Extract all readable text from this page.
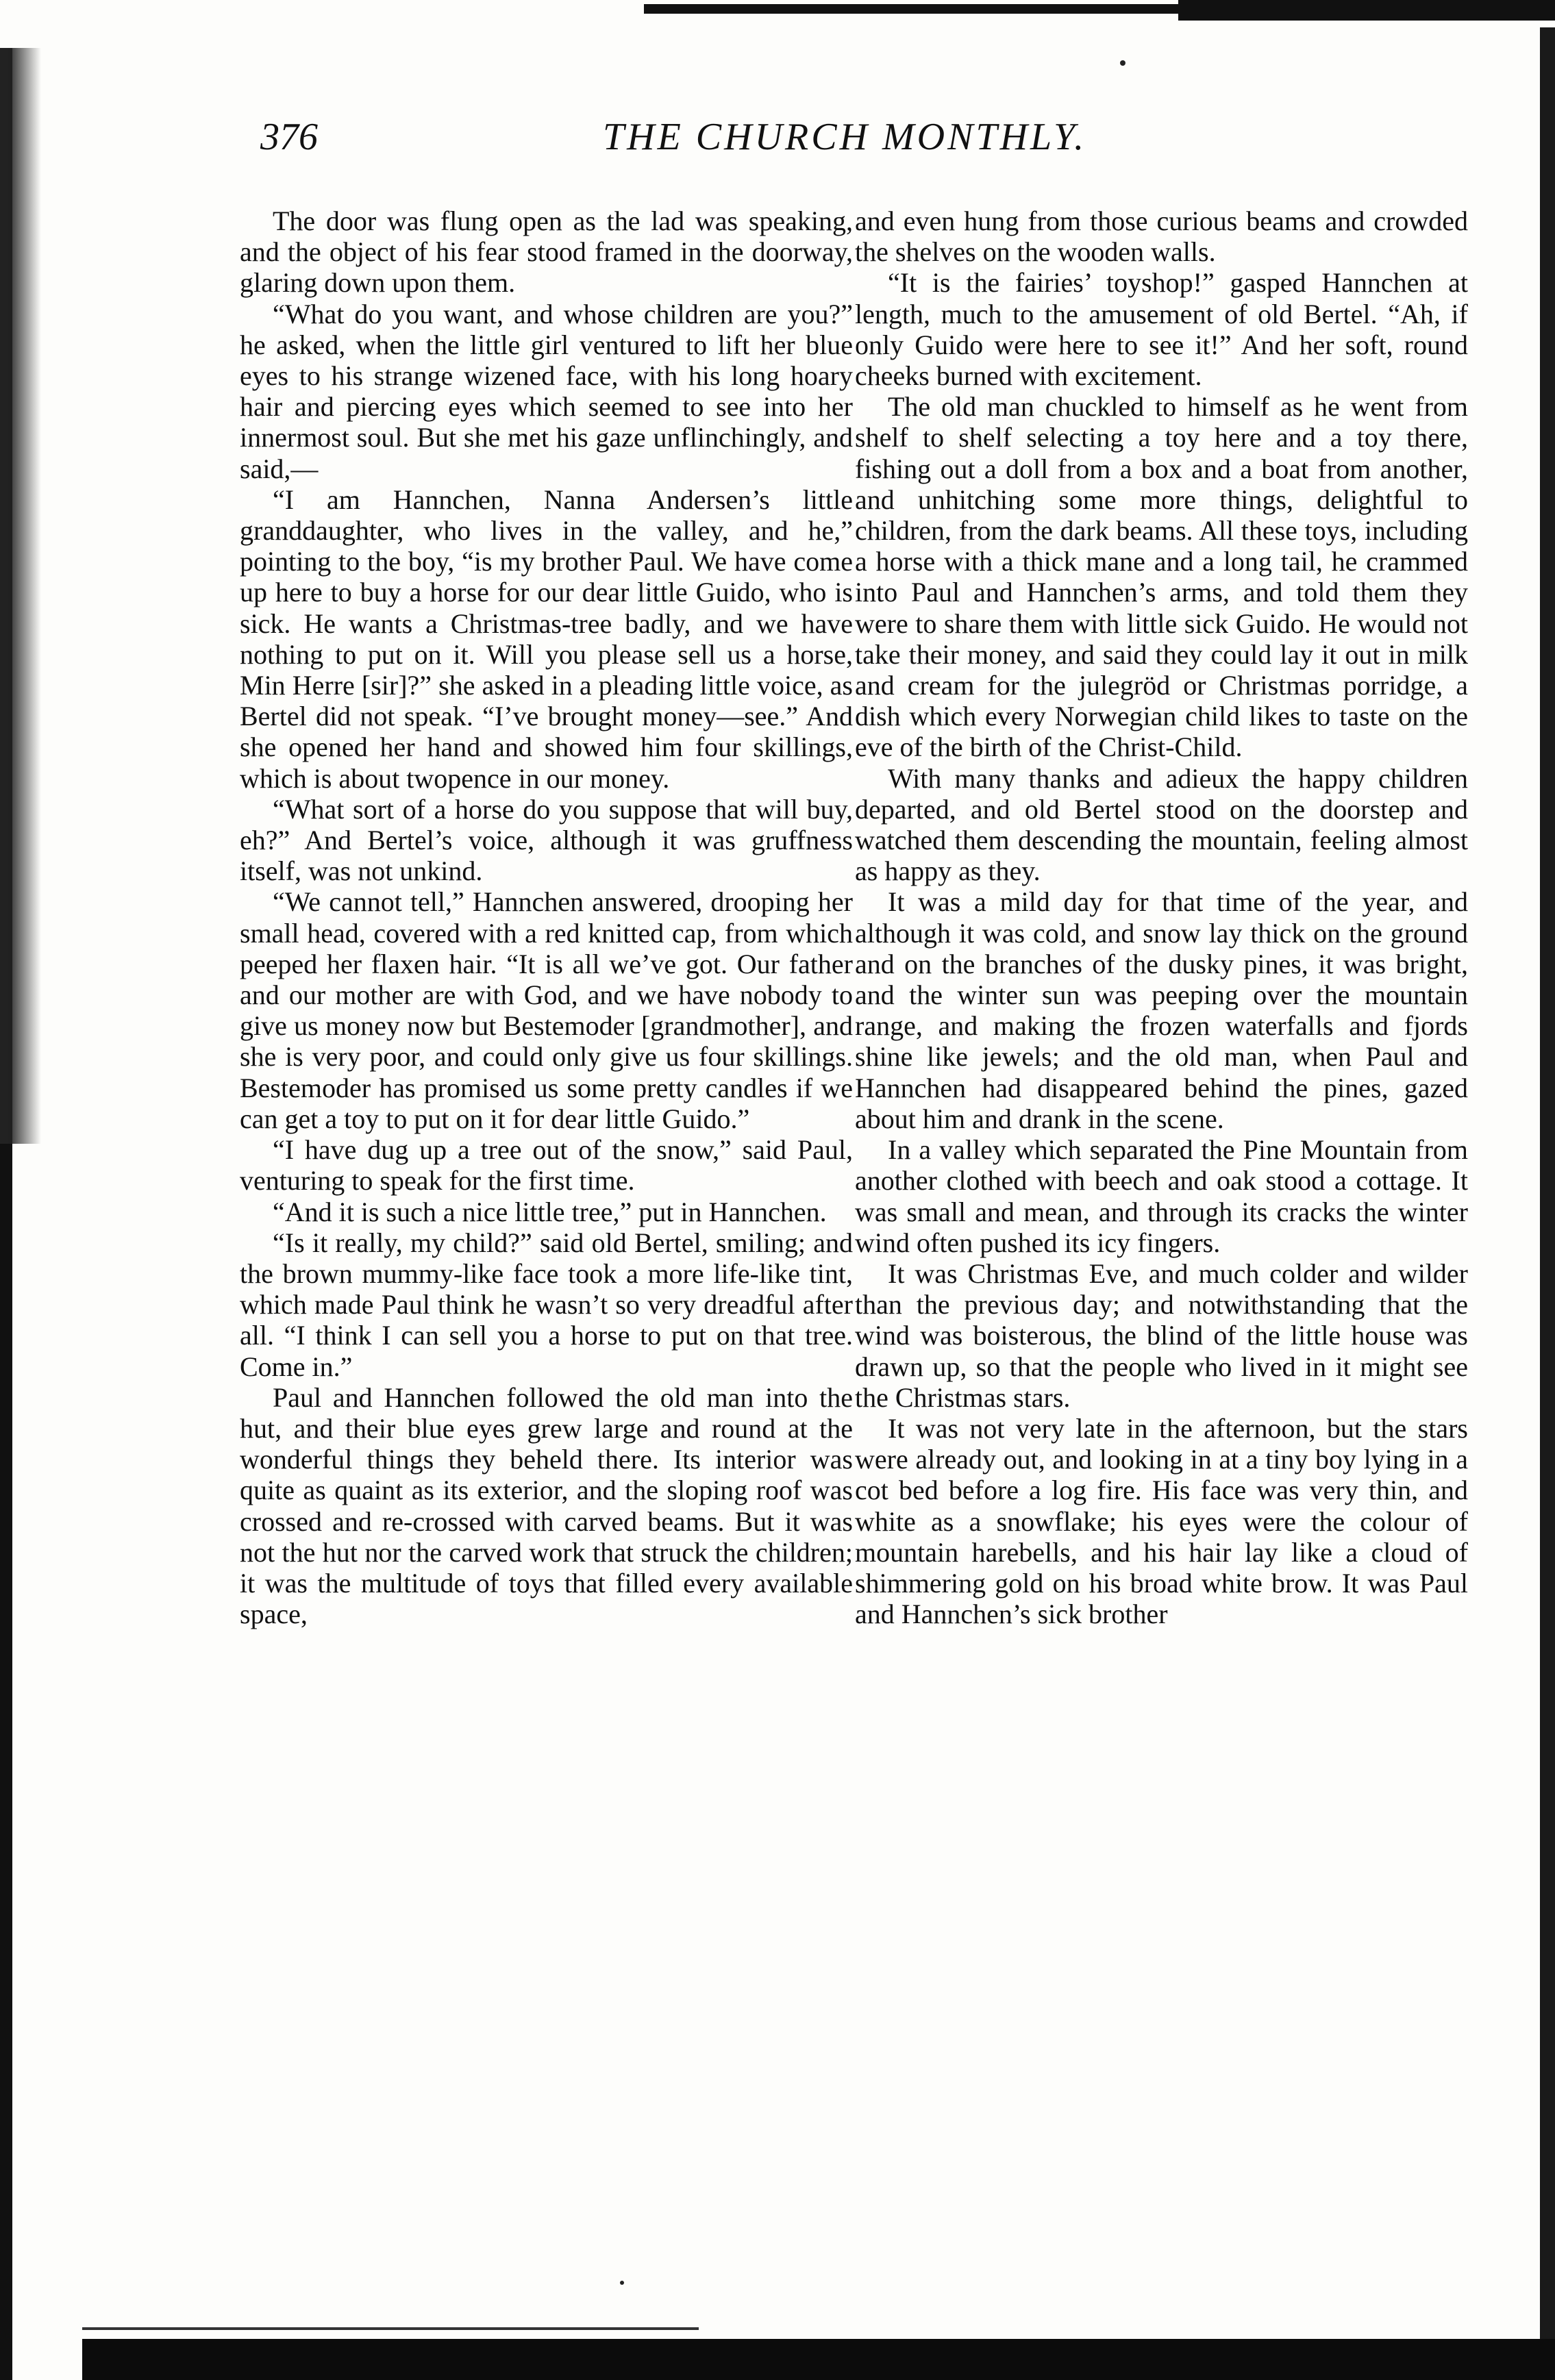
376	THE CHURCH MONTHLY.

The door was flung open as the lad was speaking, and the object of his fear stood framed in the doorway, glaring down upon them.

“What do you want, and whose children are you?” he asked, when the little girl ventured to lift her blue eyes to his strange wizened face, with his long hoary hair and piercing eyes which seemed to see into her innermost soul. But she met his gaze unflinchingly, and said,—

“I am Hannchen, Nanna Andersen’s little granddaughter, who lives in the valley, and he,” pointing to the boy, “is my brother Paul. We have come up here to buy a horse for our dear little Guido, who is sick. He wants a Christmas-tree badly, and we have nothing to put on it. Will you please sell us a horse, Min Herre [sir]?” she asked in a pleading little voice, as Bertel did not speak. “I’ve brought money—see.” And she opened her hand and showed him four skillings, which is about twopence in our money.

“What sort of a horse do you suppose that will buy, eh?” And Bertel’s voice, although it was gruffness itself, was not unkind.

“We cannot tell,” Hannchen answered, drooping her small head, covered with a red knitted cap, from which peeped her flaxen hair. “It is all we’ve got. Our father and our mother are with God, and we have nobody to give us money now but Bestemoder [grandmother], and she is very poor, and could only give us four skillings. Bestemoder has promised us some pretty candles if we can get a toy to put on it for dear little Guido.”

“I have dug up a tree out of the snow,” said Paul, venturing to speak for the first time.

“And it is such a nice little tree,” put in Hannchen.

“Is it really, my child?” said old Bertel, smiling; and the brown mummy-like face took a more life-like tint, which made Paul think he wasn’t so very dreadful after all. “I think I can sell you a horse to put on that tree. Come in.”

Paul and Hannchen followed the old man into the hut, and their blue eyes grew large and round at the wonderful things they beheld there. Its interior was quite as quaint as its exterior, and the sloping roof was crossed and re-crossed with carved beams. But it was not the hut nor the carved work that struck the children; it was the multitude of toys that filled every available space,

and even hung from those curious beams and crowded the shelves on the wooden walls.

“It is the fairies’ toyshop!” gasped Hannchen at length, much to the amusement of old Bertel. “Ah, if only Guido were here to see it!” And her soft, round cheeks burned with excitement.

The old man chuckled to himself as he went from shelf to shelf selecting a toy here and a toy there, fishing out a doll from a box and a boat from another, and unhitching some more things, delightful to children, from the dark beams. All these toys, including a horse with a thick mane and a long tail, he crammed into Paul and Hannchen’s arms, and told them they were to share them with little sick Guido. He would not take their money, and said they could lay it out in milk and cream for the julegröd or Christmas porridge, a dish which every Norwegian child likes to taste on the eve of the birth of the Christ-Child.

With many thanks and adieux the happy children departed, and old Bertel stood on the doorstep and watched them descending the mountain, feeling almost as happy as they.

It was a mild day for that time of the year, and although it was cold, and snow lay thick on the ground and on the branches of the dusky pines, it was bright, and the winter sun was peeping over the mountain range, and making the frozen waterfalls and fjords shine like jewels; and the old man, when Paul and Hannchen had disappeared behind the pines, gazed about him and drank in the scene.

In a valley which separated the Pine Mountain from another clothed with beech and oak stood a cottage. It was small and mean, and through its cracks the winter wind often pushed its icy fingers.

It was Christmas Eve, and much colder and wilder than the previous day; and notwithstanding that the wind was boisterous, the blind of the little house was drawn up, so that the people who lived in it might see the Christmas stars.

It was not very late in the afternoon, but the stars were already out, and looking in at a tiny boy lying in a cot bed before a log fire. His face was very thin, and white as a snowflake; his eyes were the colour of mountain harebells, and his hair lay like a cloud of shimmering gold on his broad white brow. It was Paul and Hannchen’s sick brother
